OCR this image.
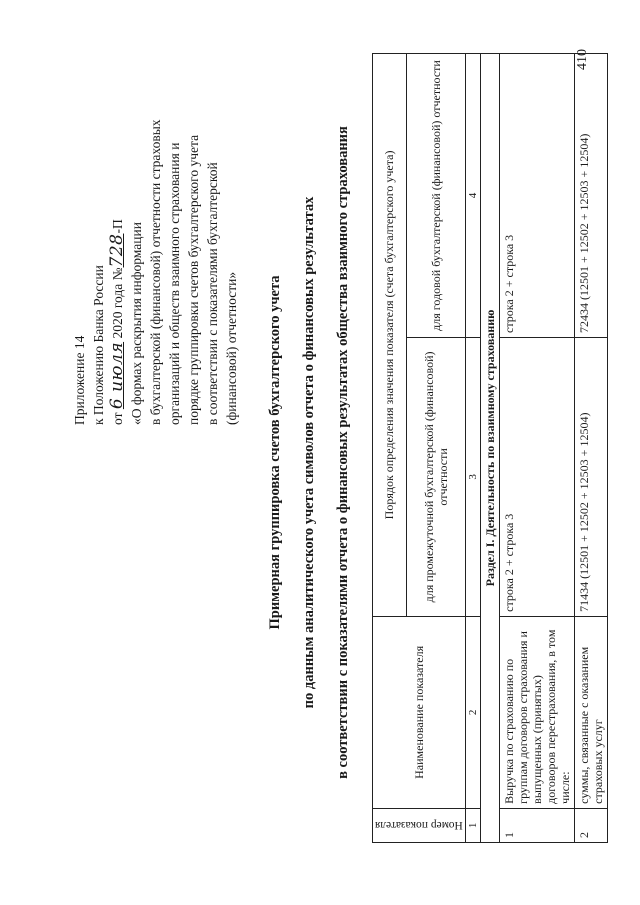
Приложение 14 к Положению Банка России от 6 июля 2020 года №728-П «О формах раскрытия информации в бухгалтерской (финансовой) отчетности страховых организаций и обществ взаимного страхования и порядке группировки счетов бухгалтерского учета в соответствии с показателями бухгалтерской (финансовой) отчетности»
410
Примерная группировка счетов бухгалтерского учета	по данным аналитического учета символов отчета о финансовых результатах	в соответствии с показателями отчета о финансовых результатах общества взаимного страхования
Номер показателя	Наименование показателя	Порядок определения значения показателя (счета бухгалтерского учета)	
		для промежуточной бухгалтерской (финансовой) отчетности	для годовой бухгалтерской (финансовой) отчетности
1	2	3	4
Раздел I. Деятельность по взаимному страхованию			
1	Выручка по страхованию по группам договоров страхования и выпущенных (принятых) договоров перестрахования, в том числе:	строка 2 + строка 3	строка 2 + строка 3
2	суммы, связанные с оказанием страховых услуг	71434 (12501 + 12502 + 12503 + 12504)	72434 (12501 + 12502 + 12503 + 12504)
